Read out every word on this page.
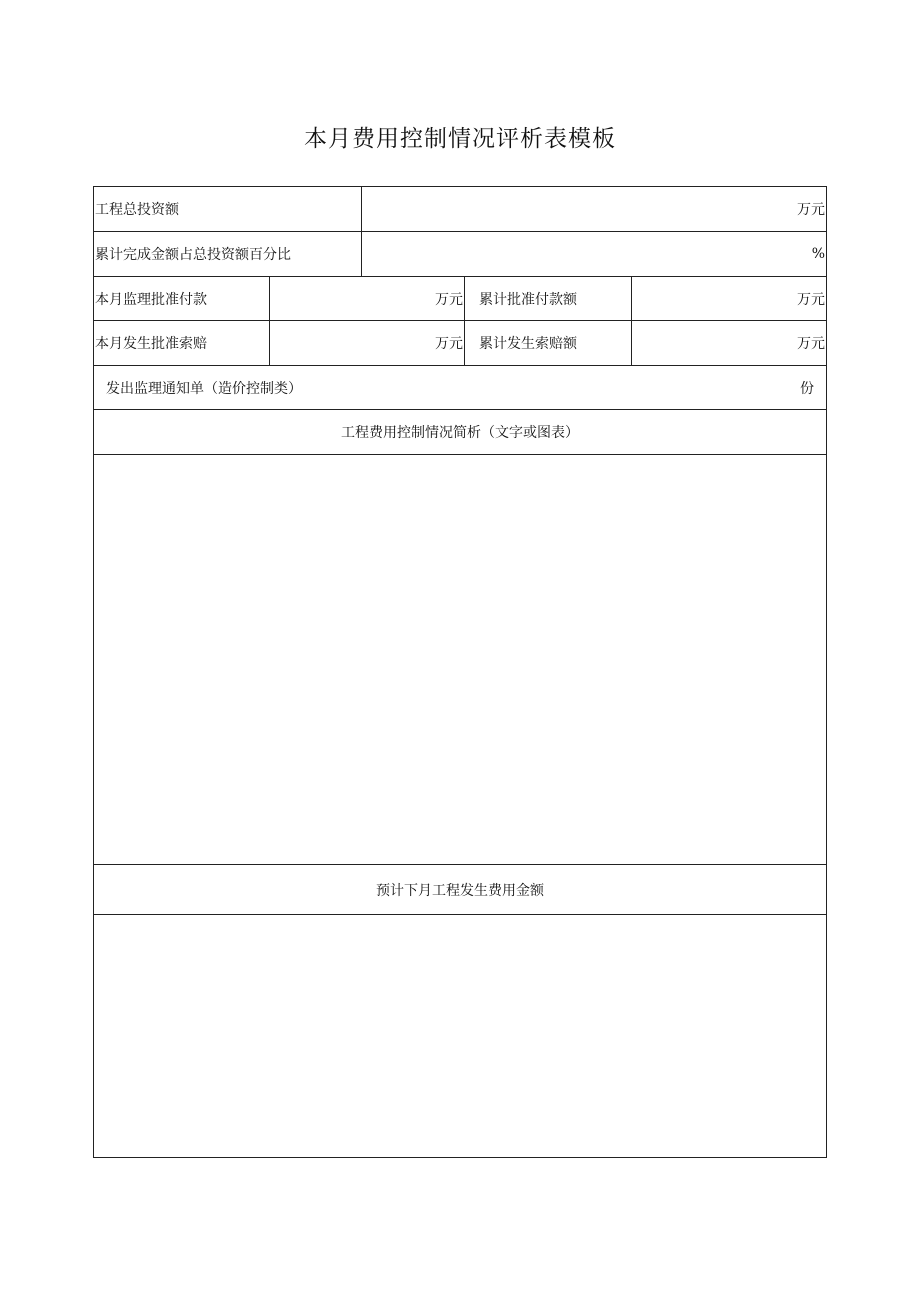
本月费用控制情况评析表模板
工程总投资额	万元
累计完成金额占总投资额百分比	%
本月监理批准付款	万元 累计批准付款额	万元
本月发生批准索赔	万元 累计发生索赔额	万元
发出监理通知单（造价控制类）	份
工程费用控制情况简析（文字或图表）
预计下月工程发生费用金额
